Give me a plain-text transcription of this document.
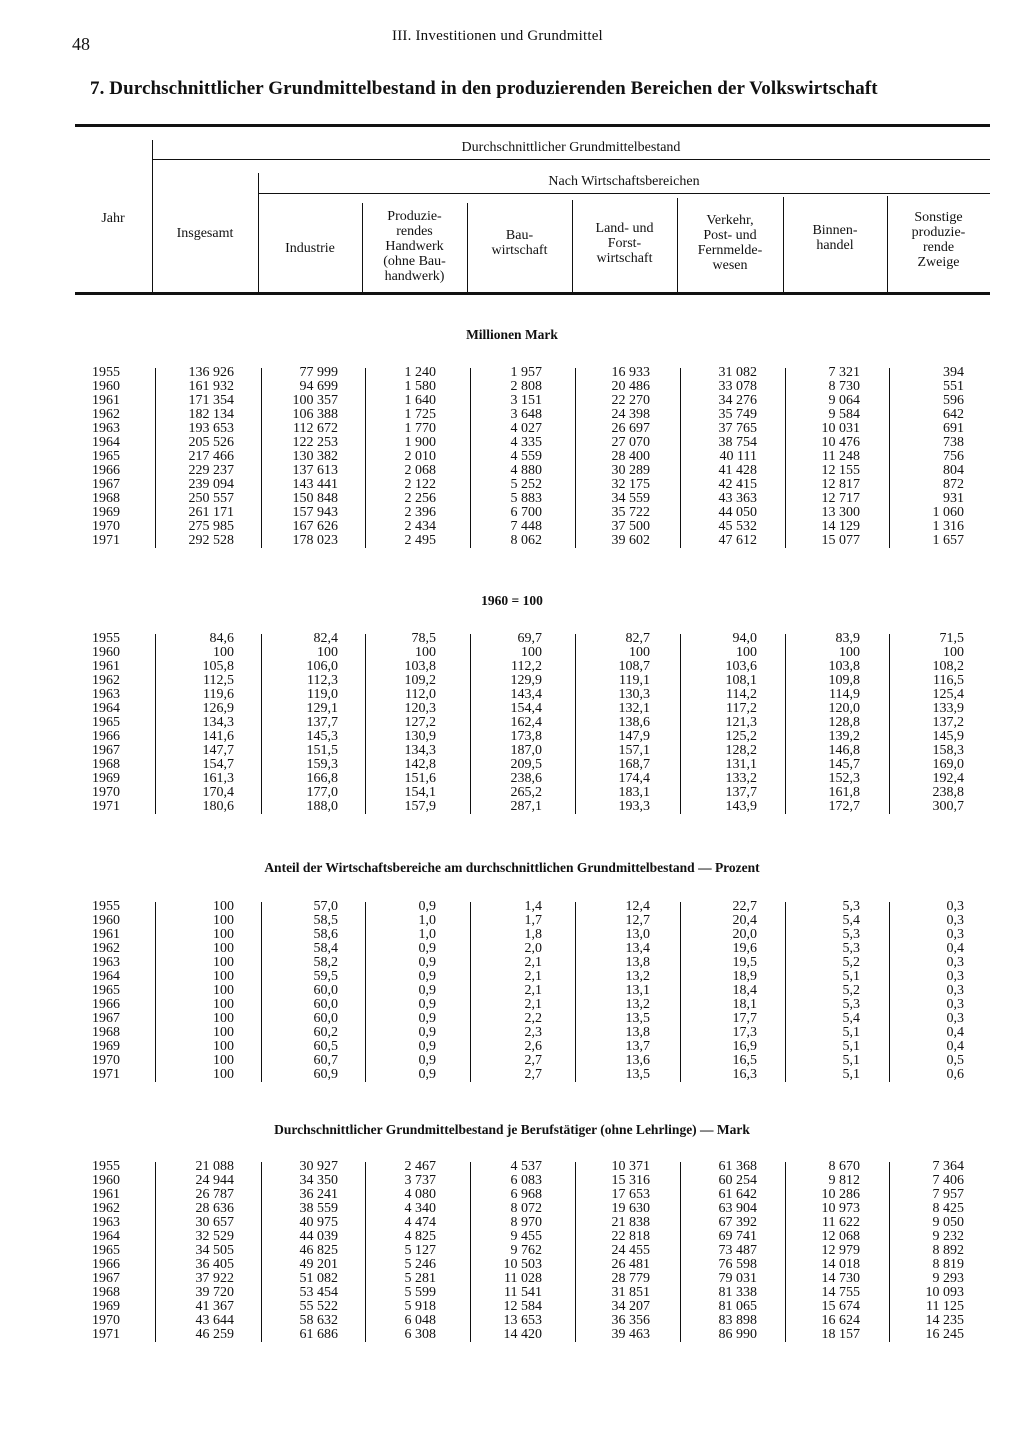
48	III. Investitionen und Grundmittel
7. Durchschnittlicher Grundmittelbestand in den produzierenden Bereichen der Volkswirtschaft
Jahr
Durchschnittlicher Grundmittelbestand
Nach Wirtschaftsbereichen
Insgesamt
Industrie
Produzie-
rendes
Handwerk
(ohne Bau-
handwerk)
Bau-
wirtschaft
Land- und
Forst-
wirtschaft
Verkehr,
Post- und
Fernmelde-
wesen
Binnen-
handel
Sonstige
produzie-
rende
Zweige
Millionen Mark
1955
1960
1961
1962
1963
1964
1965
1966
1967
1968
1969
1970
1971
136 926
161 932
171 354
182 134
193 653
205 526
217 466
229 237
239 094
250 557
261 171
275 985
292 528
77 999
94 699
100 357
106 388
112 672
122 253
130 382
137 613
143 441
150 848
157 943
167 626
178 023
1 240
1 580
1 640
1 725
1 770
1 900
2 010
2 068
2 122
2 256
2 396
2 434
2 495
1 957
2 808
3 151
3 648
4 027
4 335
4 559
4 880
5 252
5 883
6 700
7 448
8 062
16 933
20 486
22 270
24 398
26 697
27 070
28 400
30 289
32 175
34 559
35 722
37 500
39 602
31 082
33 078
34 276
35 749
37 765
38 754
40 111
41 428
42 415
43 363
44 050
45 532
47 612
7 321
8 730
9 064
9 584
10 031
10 476
11 248
12 155
12 817
12 717
13 300
14 129
15 077
394
551
596
642
691
738
756
804
872
931
1 060
1 316
1 657
1960 = 100
1955
1960
1961
1962
1963
1964
1965
1966
1967
1968
1969
1970
1971
84,6
100
105,8
112,5
119,6
126,9
134,3
141,6
147,7
154,7
161,3
170,4
180,6
82,4
100
106,0
112,3
119,0
129,1
137,7
145,3
151,5
159,3
166,8
177,0
188,0
78,5
100
103,8
109,2
112,0
120,3
127,2
130,9
134,3
142,8
151,6
154,1
157,9
69,7
100
112,2
129,9
143,4
154,4
162,4
173,8
187,0
209,5
238,6
265,2
287,1
82,7
100
108,7
119,1
130,3
132,1
138,6
147,9
157,1
168,7
174,4
183,1
193,3
94,0
100
103,6
108,1
114,2
117,2
121,3
125,2
128,2
131,1
133,2
137,7
143,9
83,9
100
103,8
109,8
114,9
120,0
128,8
139,2
146,8
145,7
152,3
161,8
172,7
71,5
100
108,2
116,5
125,4
133,9
137,2
145,9
158,3
169,0
192,4
238,8
300,7
Anteil der Wirtschaftsbereiche am durchschnittlichen Grundmittelbestand — Prozent
1955
1960
1961
1962
1963
1964
1965
1966
1967
1968
1969
1970
1971
100
100
100
100
100
100
100
100
100
100
100
100
100
57,0
58,5
58,6
58,4
58,2
59,5
60,0
60,0
60,0
60,2
60,5
60,7
60,9
0,9
1,0
1,0
0,9
0,9
0,9
0,9
0,9
0,9
0,9
0,9
0,9
0,9
1,4
1,7
1,8
2,0
2,1
2,1
2,1
2,1
2,2
2,3
2,6
2,7
2,7
12,4
12,7
13,0
13,4
13,8
13,2
13,1
13,2
13,5
13,8
13,7
13,6
13,5
22,7
20,4
20,0
19,6
19,5
18,9
18,4
18,1
17,7
17,3
16,9
16,5
16,3
5,3
5,4
5,3
5,3
5,2
5,1
5,2
5,3
5,4
5,1
5,1
5,1
5,1
0,3
0,3
0,3
0,4
0,3
0,3
0,3
0,3
0,3
0,4
0,4
0,5
0,6
Durchschnittlicher Grundmittelbestand je Berufstätiger (ohne Lehrlinge) — Mark
1955
1960
1961
1962
1963
1964
1965
1966
1967
1968
1969
1970
1971
21 088
24 944
26 787
28 636
30 657
32 529
34 505
36 405
37 922
39 720
41 367
43 644
46 259
30 927
34 350
36 241
38 559
40 975
44 039
46 825
49 201
51 082
53 454
55 522
58 632
61 686
2 467
3 737
4 080
4 340
4 474
4 825
5 127
5 246
5 281
5 599
5 918
6 048
6 308
4 537
6 083
6 968
8 072
8 970
9 455
9 762
10 503
11 028
11 541
12 584
13 653
14 420
10 371
15 316
17 653
19 630
21 838
22 818
24 455
26 481
28 779
31 851
34 207
36 356
39 463
61 368
60 254
61 642
63 904
67 392
69 741
73 487
76 598
79 031
81 338
81 065
83 898
86 990
8 670
9 812
10 286
10 973
11 622
12 068
12 979
14 018
14 730
14 755
15 674
16 624
18 157
7 364
7 406
7 957
8 425
9 050
9 232
8 892
8 819
9 293
10 093
11 125
14 235
16 245
